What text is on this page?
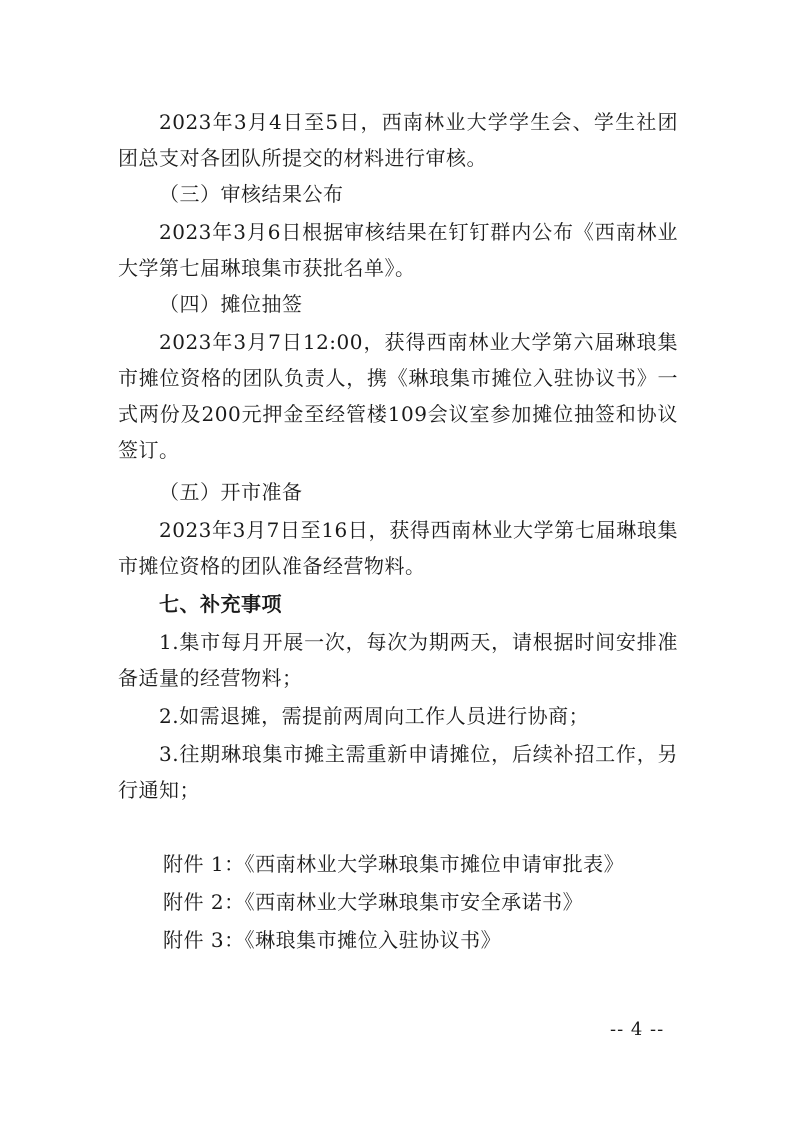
2023年3月4日至5日，西南林业大学学生会、学生社团团总支对各团队所提交的材料进行审核。

（三）审核结果公布

2023年3月6日根据审核结果在钉钉群内公布《西南林业大学第七届琳琅集市获批名单》。

（四）摊位抽签

2023年3月7日12:00，获得西南林业大学第六届琳琅集市摊位资格的团队负责人，携《琳琅集市摊位入驻协议书》一式两份及200元押金至经管楼109会议室参加摊位抽签和协议签订。

（五）开市准备

2023年3月7日至16日，获得西南林业大学第七届琳琅集市摊位资格的团队准备经营物料。

七、补充事项

1.集市每月开展一次，每次为期两天，请根据时间安排准备适量的经营物料；

2.如需退摊，需提前两周向工作人员进行协商；

3.往期琳琅集市摊主需重新申请摊位，后续补招工作，另行通知；

附件 1：《西南林业大学琳琅集市摊位申请审批表》

附件 2：《西南林业大学琳琅集市安全承诺书》

附件 3：《琳琅集市摊位入驻协议书》

-- 4 --
